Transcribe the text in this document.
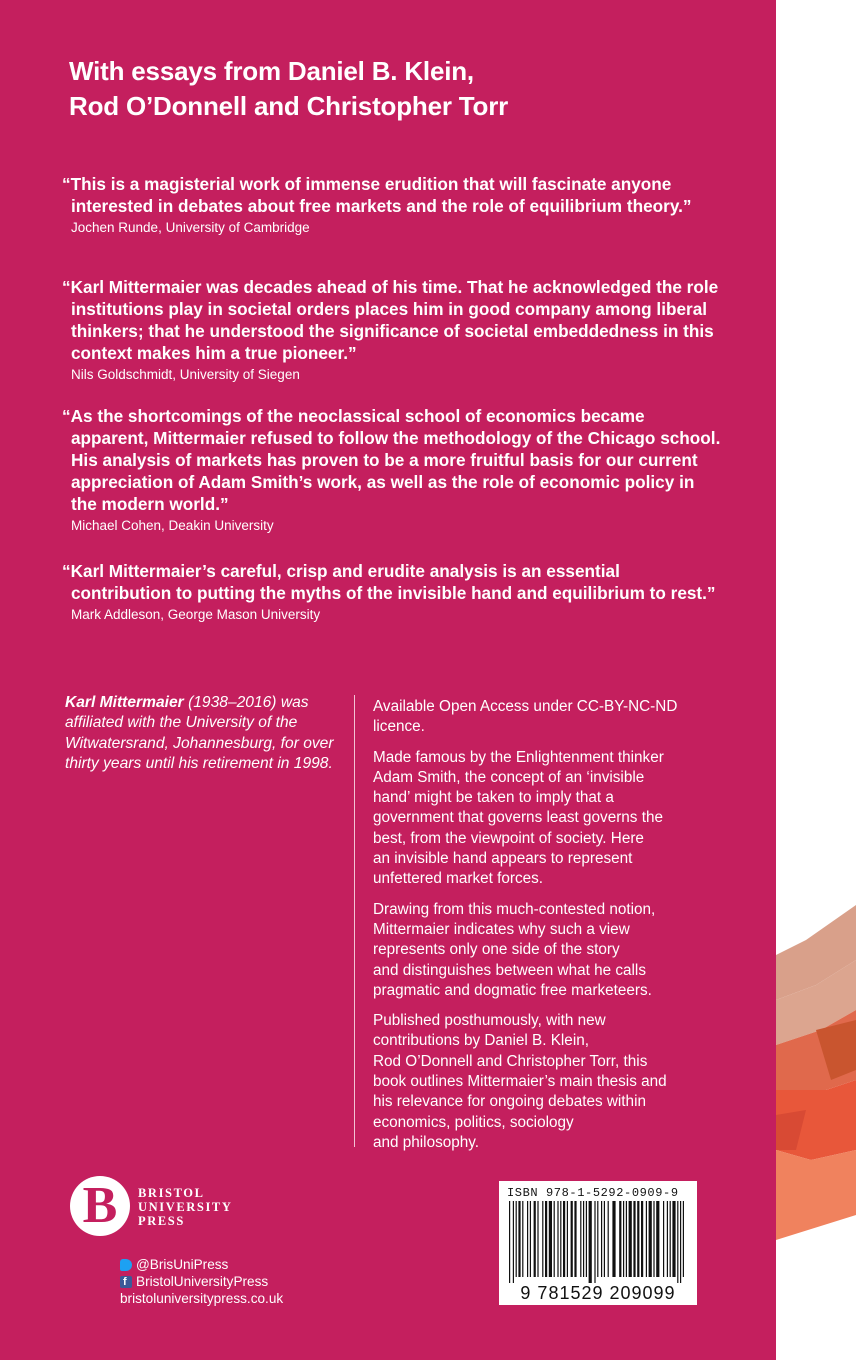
With essays from Daniel B. Klein,
Rod O’Donnell and Christopher Torr
“This is a magisterial work of immense erudition that will fascinate anyone interested in debates about free markets and the role of equilibrium theory.”
Jochen Runde, University of Cambridge
“Karl Mittermaier was decades ahead of his time. That he acknowledged the role institutions play in societal orders places him in good company among liberal thinkers; that he understood the significance of societal embeddedness in this context makes him a true pioneer.”
Nils Goldschmidt, University of Siegen
“As the shortcomings of the neoclassical school of economics became apparent, Mittermaier refused to follow the methodology of the Chicago school. His analysis of markets has proven to be a more fruitful basis for our current appreciation of Adam Smith’s work, as well as the role of economic policy in the modern world.”
Michael Cohen, Deakin University
“Karl Mittermaier’s careful, crisp and erudite analysis is an essential contribution to putting the myths of the invisible hand and equilibrium to rest.”
Mark Addleson, George Mason University
Karl Mittermaier (1938–2016) was affiliated with the University of the Witwatersrand, Johannesburg, for over thirty years until his retirement in 1998.

Available Open Access under CC-BY-NC-ND
licence.

Made famous by the Enlightenment thinker
Adam Smith, the concept of an ‘invisible
hand’ might be taken to imply that a
government that governs least governs the
best, from the viewpoint of society. Here
an invisible hand appears to represent
unfettered market forces.

Drawing from this much-contested notion,
Mittermaier indicates why such a view
represents only one side of the story
and distinguishes between what he calls
pragmatic and dogmatic free marketeers.

Published posthumously, with new
contributions by Daniel B. Klein,
Rod O’Donnell and Christopher Torr, this
book outlines Mittermaier’s main thesis and
his relevance for ongoing debates within
economics, politics, sociology
and philosophy.

B	BRISTOL
UNIVERSITY
PRESS
@BrisUniPress
f
BristolUniversityPress
bristoluniversitypress.co.uk
ISBN 978-1-5292-0909-9
9 781529 209099
